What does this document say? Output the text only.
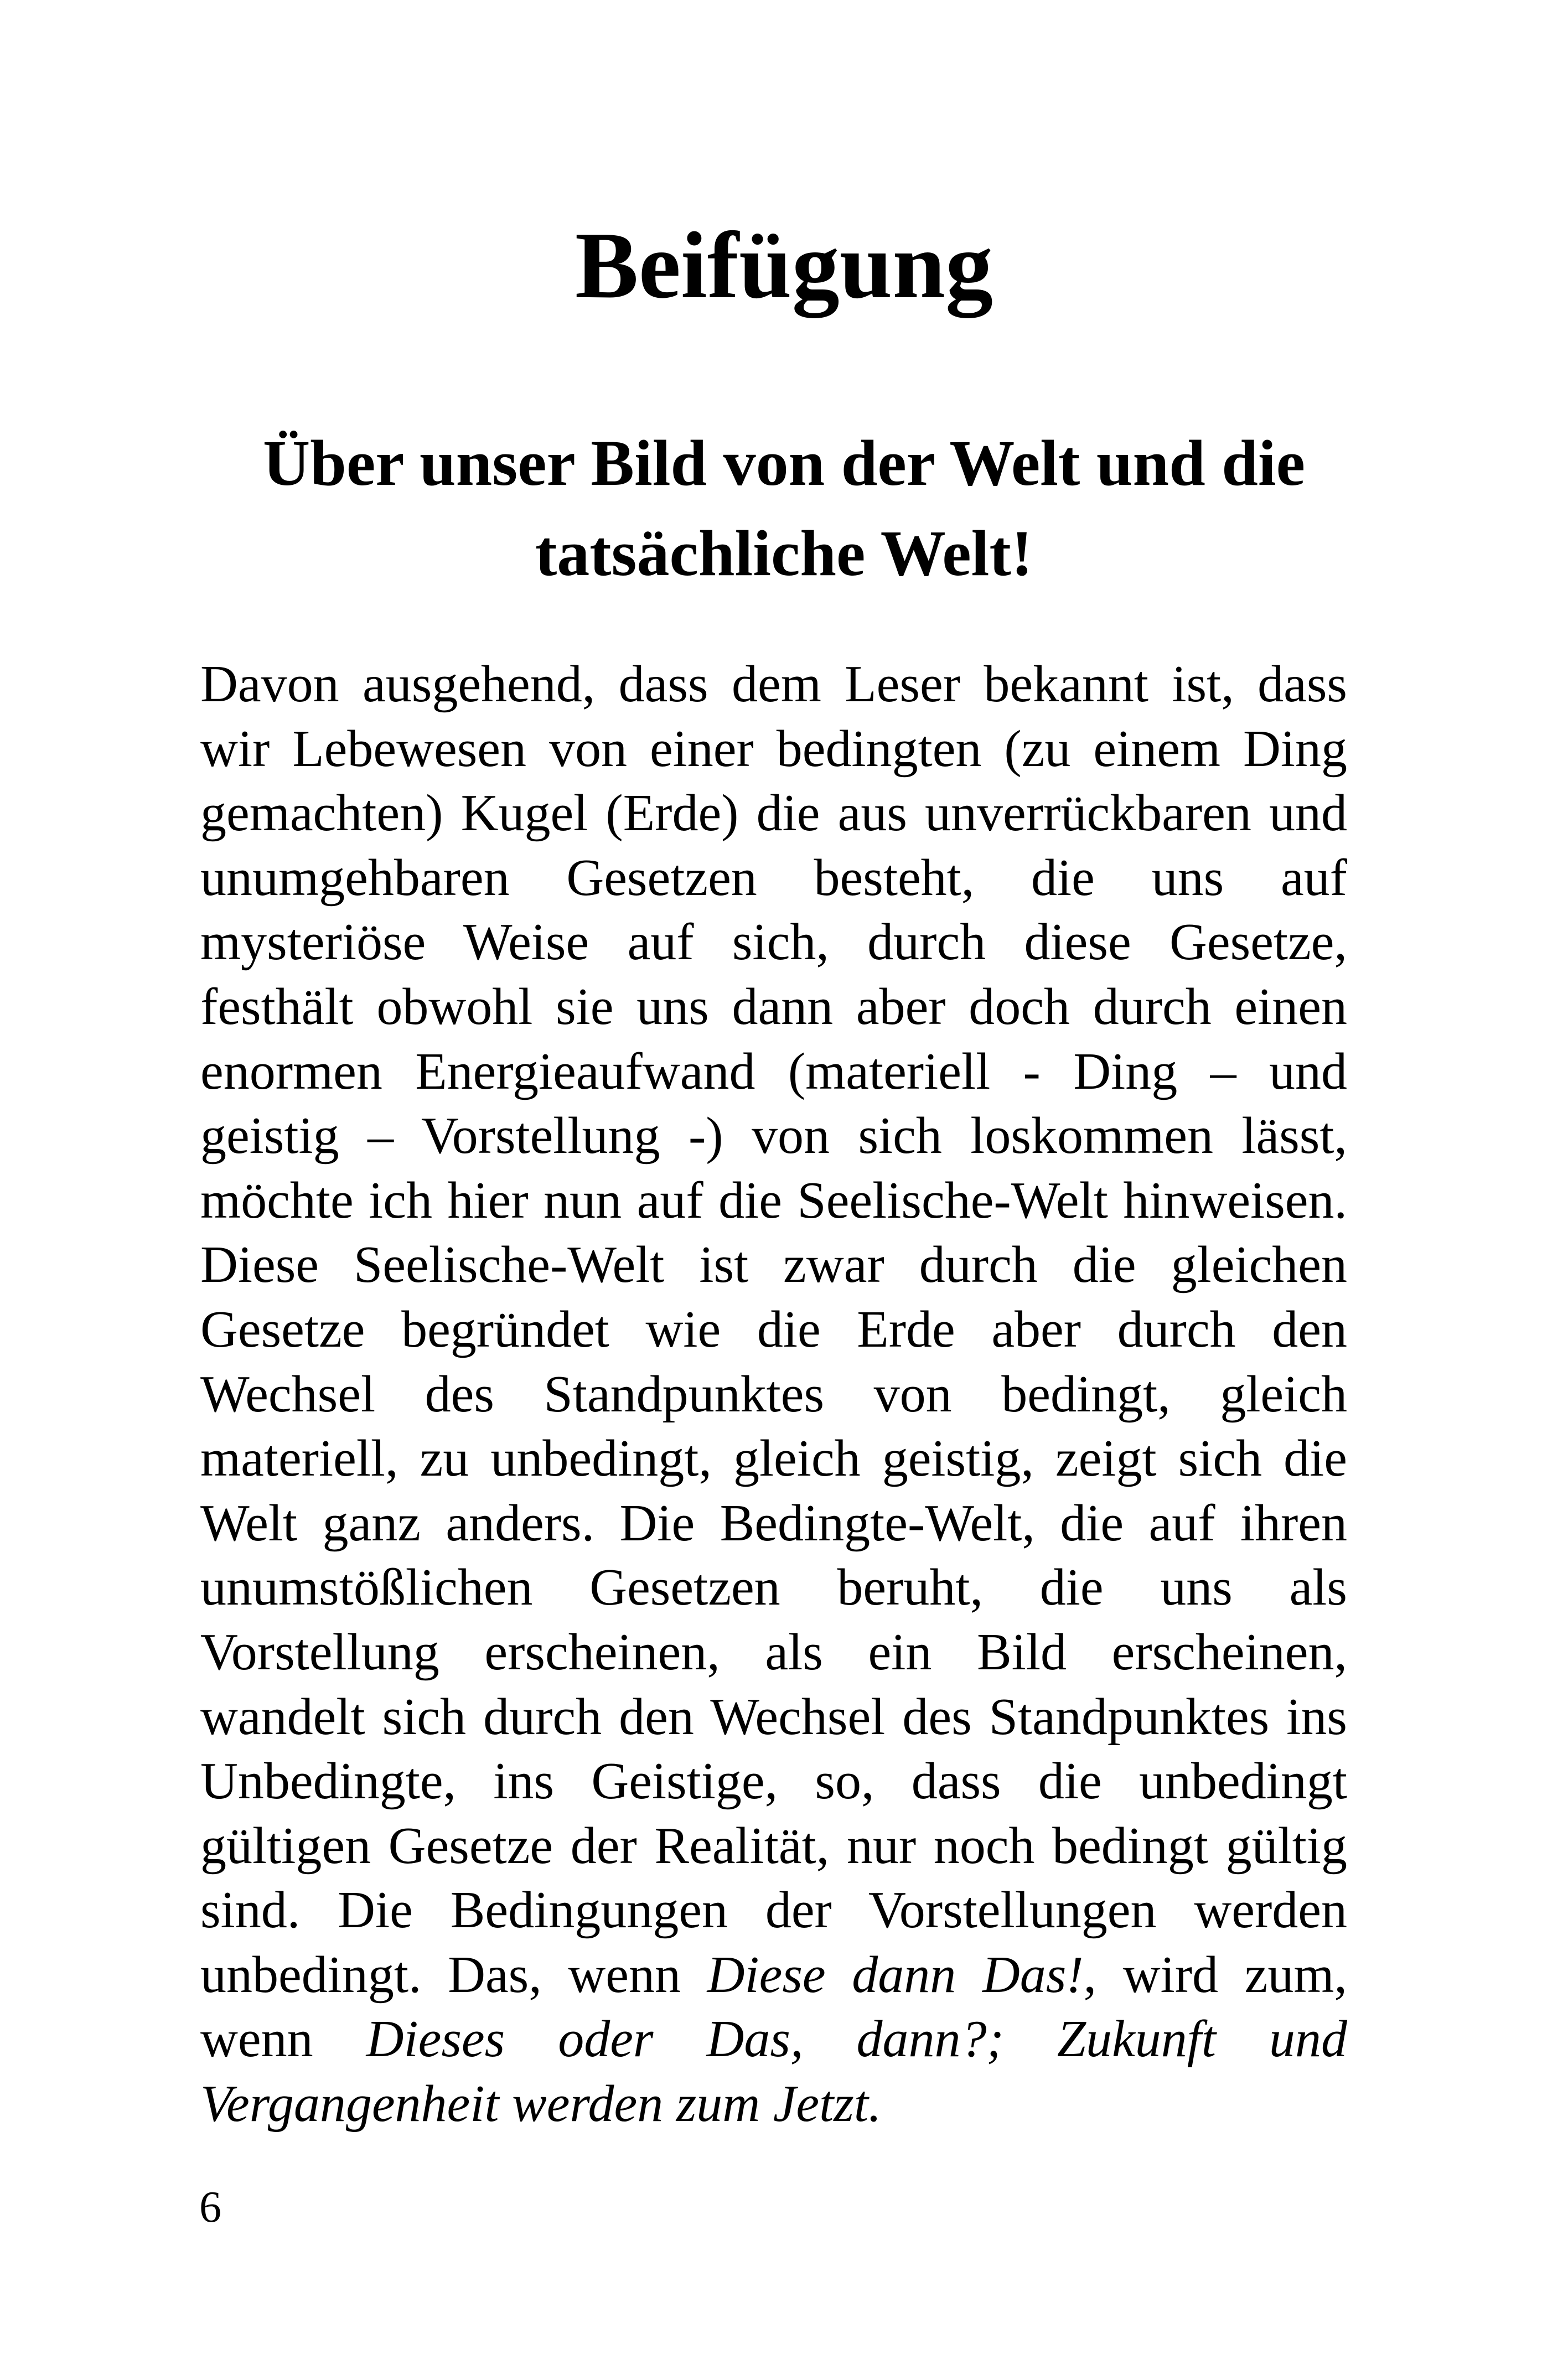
Beifügung
Über unser Bild von der Welt und die tatsächliche Welt!

Davon ausgehend, dass dem Leser bekannt ist, dass wir Lebewesen von einer bedingten (zu einem Ding gemachten) Kugel (Erde) die aus unverrückbaren und unumgehbaren Gesetzen besteht, die uns auf mysteriöse Weise auf sich, durch diese Gesetze, festhält obwohl sie uns dann aber doch durch einen enormen Energieaufwand (materiell - Ding – und geistig – Vorstellung -) von sich loskommen lässt, möchte ich hier nun auf die Seelische-Welt hinweisen. Diese Seelische-Welt ist zwar durch die gleichen Gesetze begründet wie die Erde aber durch den Wechsel des Standpunktes von bedingt, gleich materiell, zu unbedingt, gleich geistig, zeigt sich die Welt ganz anders. Die Bedingte-Welt, die auf ihren unumstößlichen Gesetzen beruht, die uns als Vorstellung erscheinen, als ein Bild erscheinen, wandelt sich durch den Wechsel des Standpunktes ins Unbedingte, ins Geistige, so, dass die unbedingt gültigen Gesetze der Realität, nur noch bedingt gültig sind. Die Bedingungen der Vorstellungen werden unbedingt. Das, wenn Diese dann Das!, wird zum, wenn Dieses oder Das, dann?; Zukunft und Vergangenheit werden zum Jetzt.

6
